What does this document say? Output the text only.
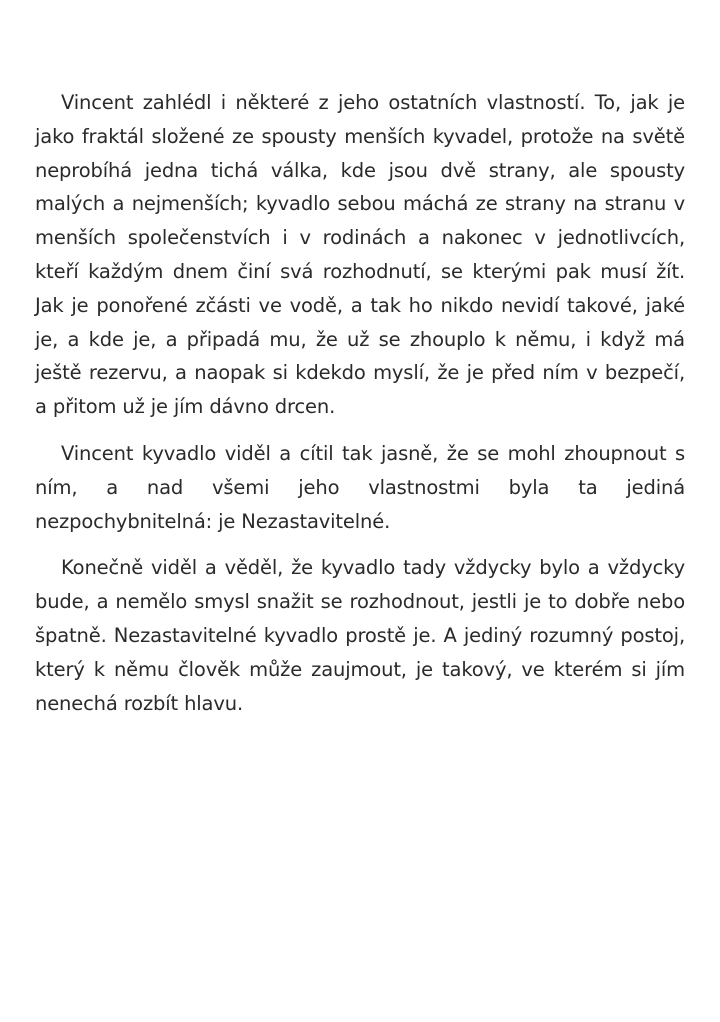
Vincent zahlédl i některé z jeho ostatních vlastností. To, jak je jako fraktál složené ze spousty menších kyvadel, protože na světě neprobíhá jedna tichá válka, kde jsou dvě strany, ale spousty malých a nejmenších; kyvadlo sebou máchá ze strany na stranu v menších společenstvích i v rodinách a nakonec v jednotlivcích, kteří každým dnem činí svá rozhodnutí, se kterými pak musí žít. Jak je ponořené zčásti ve vodě, a tak ho nikdo nevidí takové, jaké je, a kde je, a připadá mu, že už se zhouplo k němu, i když má ještě rezervu, a naopak si kdekdo myslí, že je před ním v bezpečí, a přitom už je jím dávno drcen.

Vincent kyvadlo viděl a cítil tak jasně, že se mohl zhoupnout s ním, a nad všemi jeho vlastnostmi byla ta jediná nezpochybnitelná: je Nezastavitelné.

Konečně viděl a věděl, že kyvadlo tady vždycky bylo a vždycky bude, a nemělo smysl snažit se rozhodnout, jestli je to dobře nebo špatně. Nezastavitelné kyvadlo prostě je. A jediný rozumný postoj, který k němu člověk může zaujmout, je takový, ve kterém si jím nenechá rozbít hlavu.
